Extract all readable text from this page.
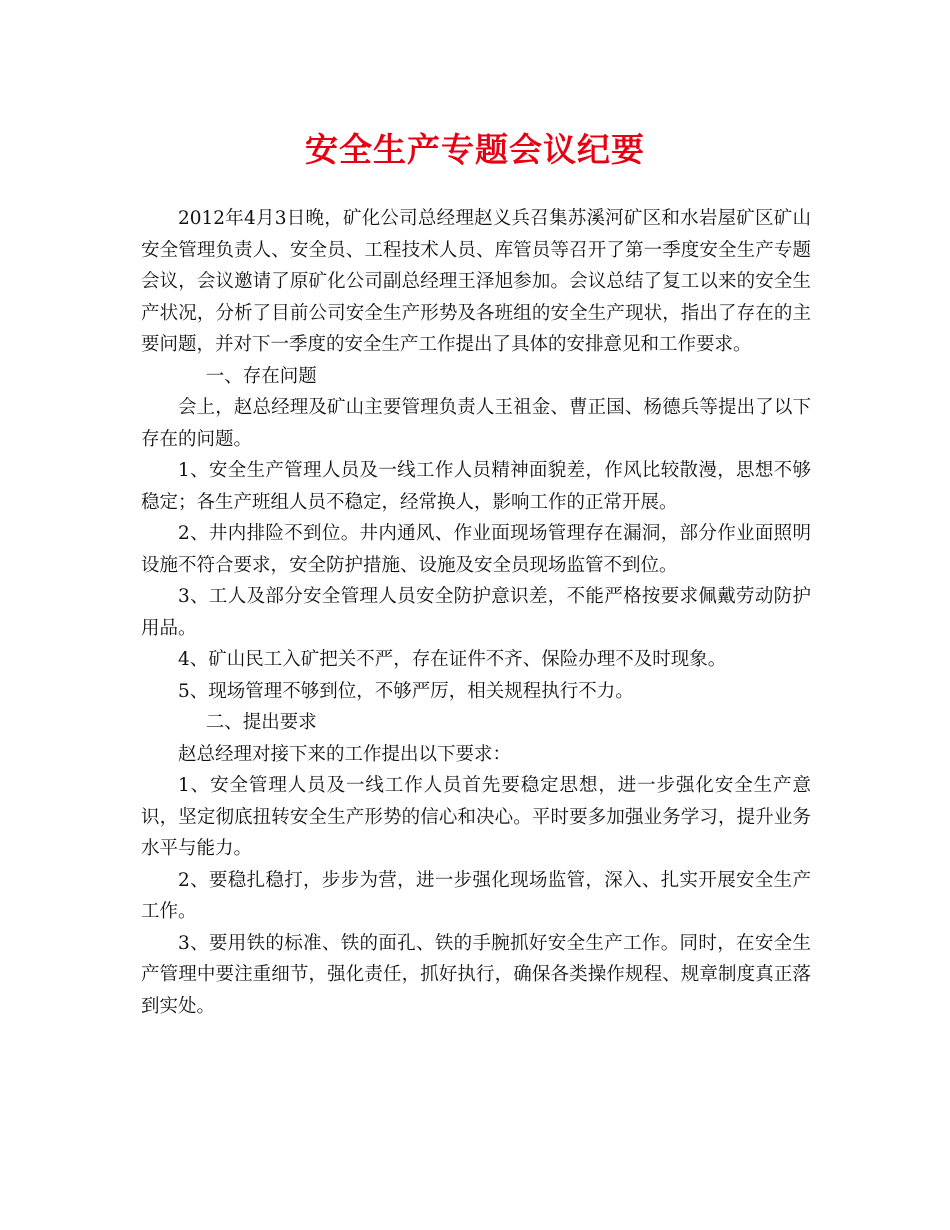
安全生产专题会议纪要

2012年4月3日晚，矿化公司总经理赵义兵召集苏溪河矿区和水岩屋矿区矿山安全管理负责人、安全员、工程技术人员、库管员等召开了第一季度安全生产专题会议，会议邀请了原矿化公司副总经理王泽旭参加。会议总结了复工以来的安全生产状况，分析了目前公司安全生产形势及各班组的安全生产现状，指出了存在的主要问题，并对下一季度的安全生产工作提出了具体的安排意见和工作要求。

一、存在问题

会上，赵总经理及矿山主要管理负责人王祖金、曹正国、杨德兵等提出了以下存在的问题。

1、安全生产管理人员及一线工作人员精神面貌差，作风比较散漫，思想不够稳定；各生产班组人员不稳定，经常换人，影响工作的正常开展。

2、井内排险不到位。井内通风、作业面现场管理存在漏洞，部分作业面照明设施不符合要求，安全防护措施、设施及安全员现场监管不到位。

3、工人及部分安全管理人员安全防护意识差，不能严格按要求佩戴劳动防护用品。

4、矿山民工入矿把关不严，存在证件不齐、保险办理不及时现象。

5、现场管理不够到位，不够严厉，相关规程执行不力。

二、提出要求

赵总经理对接下来的工作提出以下要求：

1、安全管理人员及一线工作人员首先要稳定思想，进一步强化安全生产意识，坚定彻底扭转安全生产形势的信心和决心。平时要多加强业务学习，提升业务水平与能力。

2、要稳扎稳打，步步为营，进一步强化现场监管，深入、扎实开展安全生产工作。

3、要用铁的标准、铁的面孔、铁的手腕抓好安全生产工作。同时，在安全生产管理中要注重细节，强化责任，抓好执行，确保各类操作规程、规章制度真正落到实处。
